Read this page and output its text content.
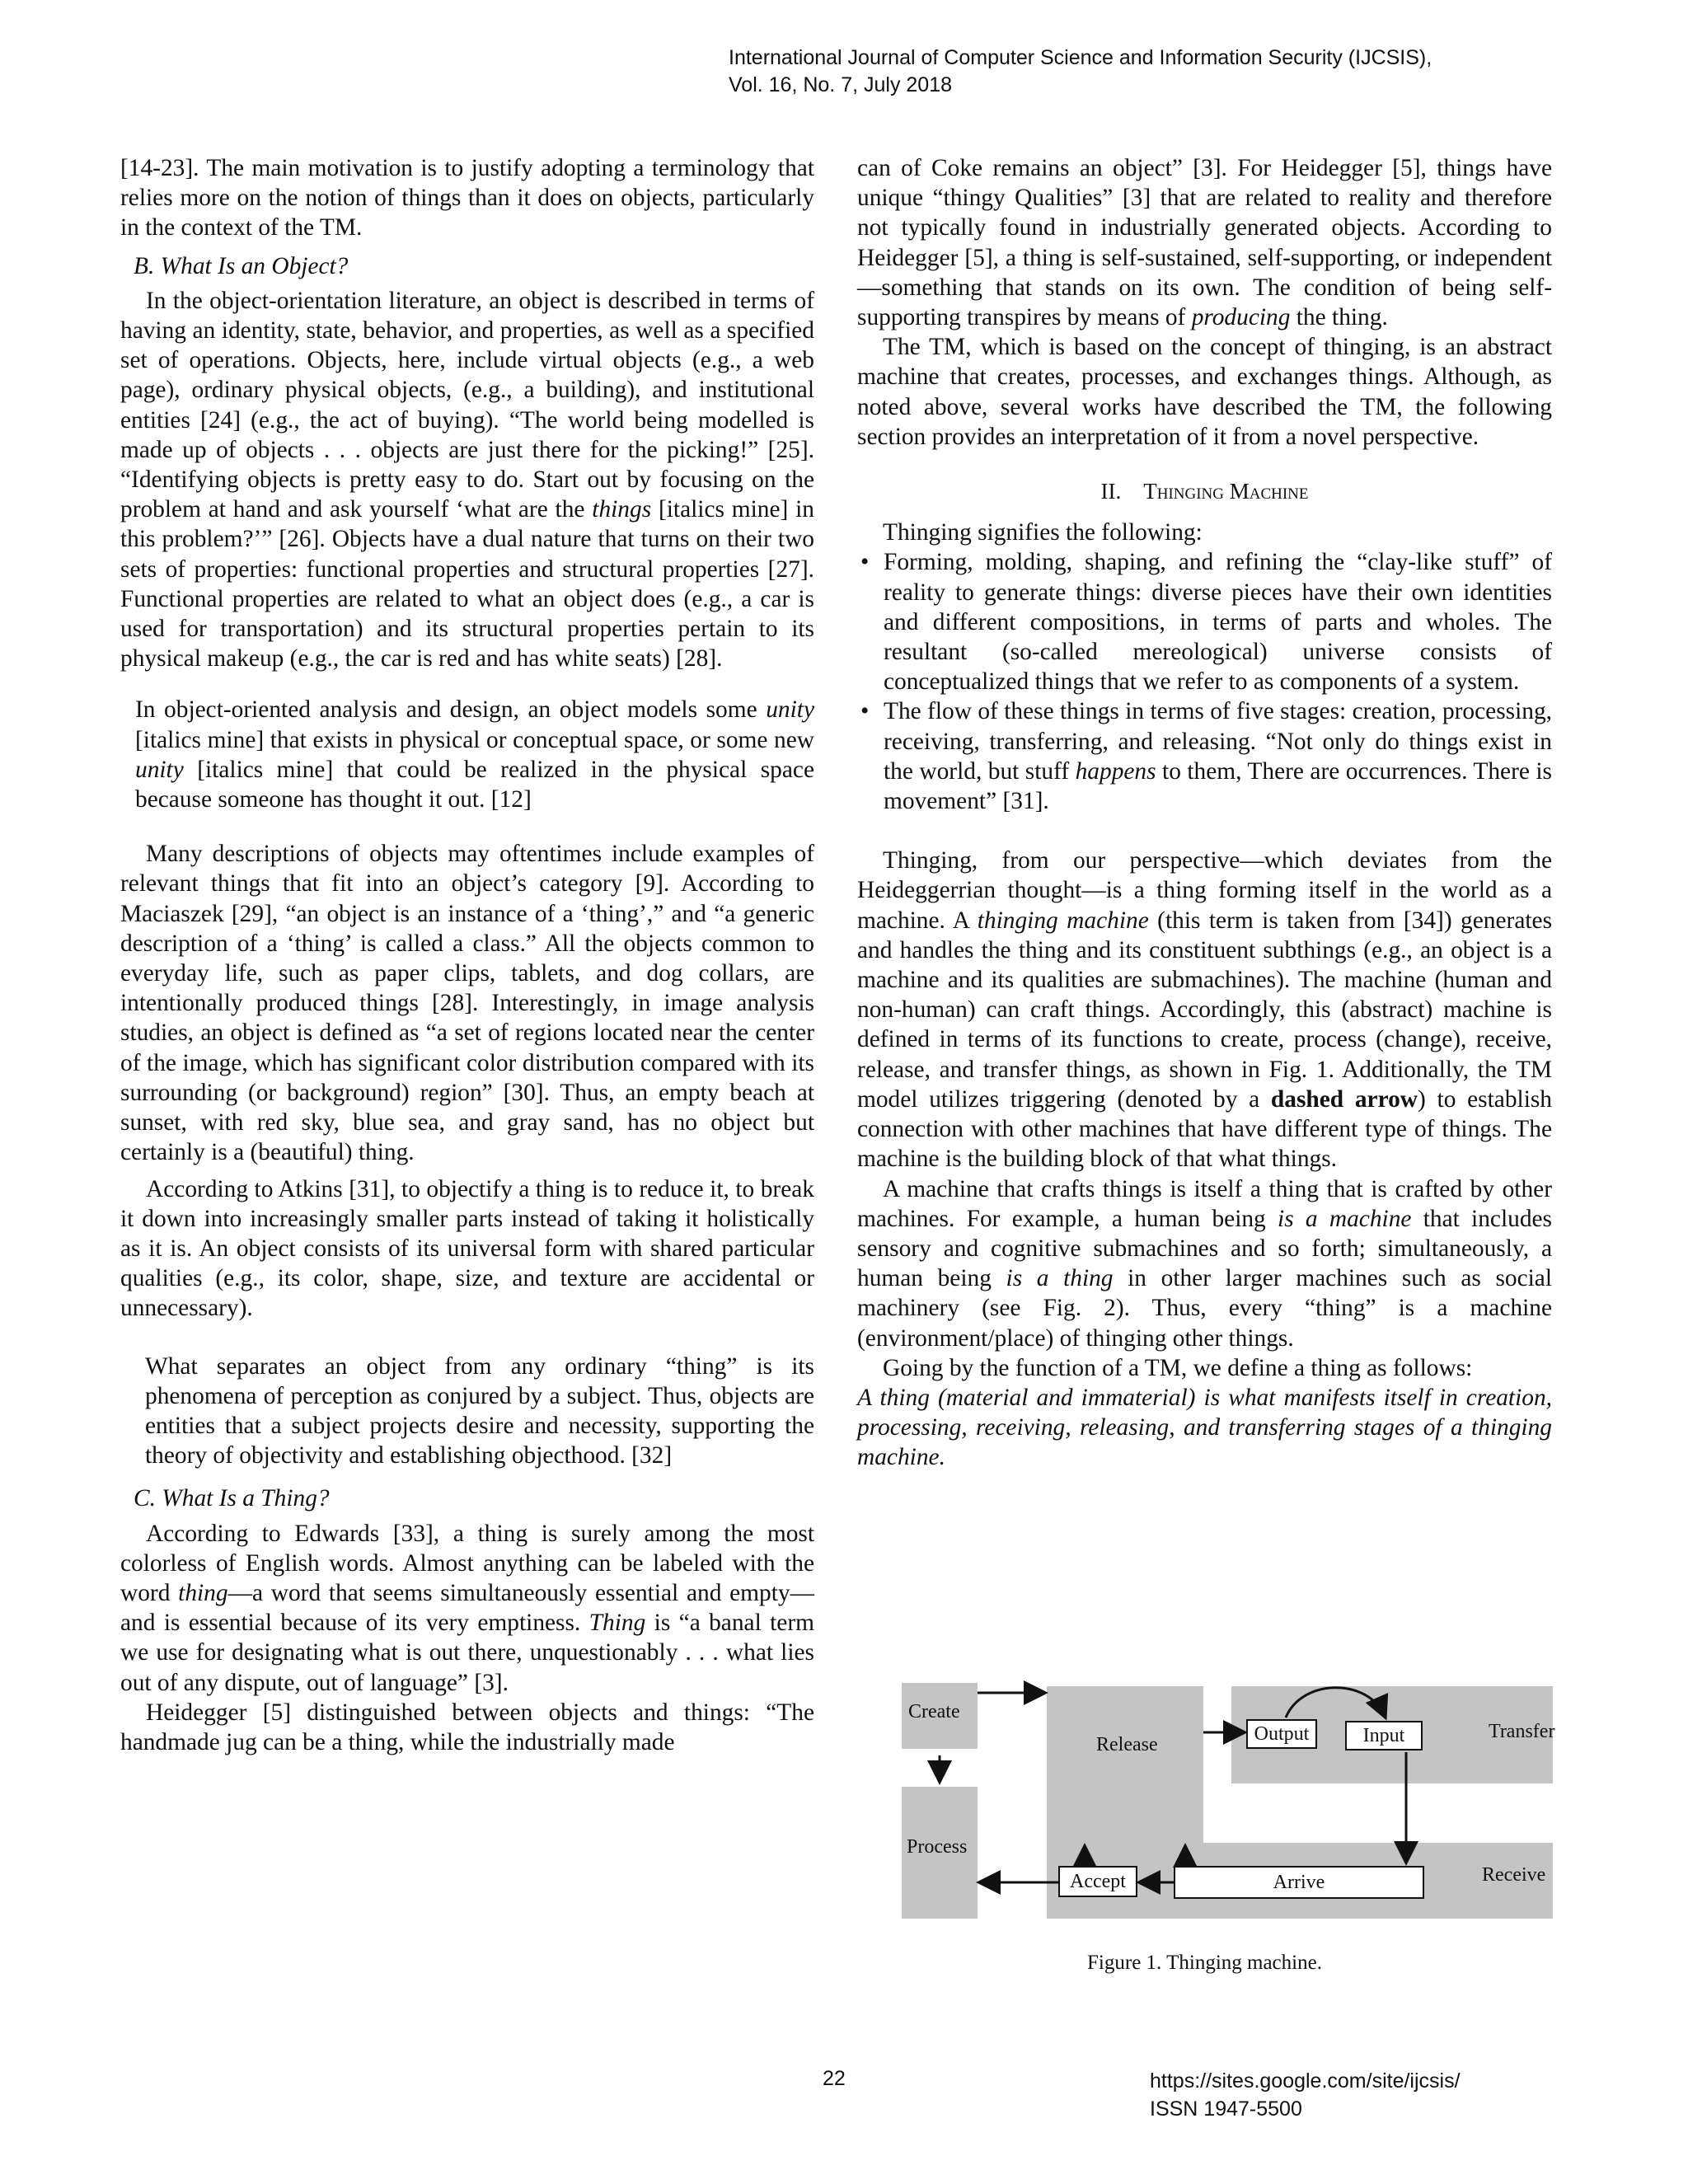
International Journal of Computer Science and Information Security (IJCSIS),
Vol. 16, No. 7, July 2018

[14-23]. The main motivation is to justify adopting a terminology that relies more on the notion of things than it does on objects, particularly in the context of the TM.

B. What Is an Object?

In the object-orientation literature, an object is described in terms of having an identity, state, behavior, and properties, as well as a specified set of operations. Objects, here, include virtual objects (e.g., a web page), ordinary physical objects, (e.g., a building), and institutional entities [24] (e.g., the act of buying). “The world being modelled is made up of objects . . . objects are just there for the picking!” [25]. “Identifying objects is pretty easy to do. Start out by focusing on the problem at hand and ask yourself ‘what are the things [italics mine] in this problem?’” [26]. Objects have a dual nature that turns on their two sets of properties: functional properties and structural properties [27]. Functional properties are related to what an object does (e.g., a car is used for transportation) and its structural properties pertain to its physical makeup (e.g., the car is red and has white seats) [28].

In object-oriented analysis and design, an object models some unity [italics mine] that exists in physical or conceptual space, or some new unity [italics mine] that could be realized in the physical space because someone has thought it out. [12]

Many descriptions of objects may oftentimes include examples of relevant things that fit into an object’s category [9]. According to Maciaszek [29], “an object is an instance of a ‘thing’,” and “a generic description of a ‘thing’ is called a class.” All the objects common to everyday life, such as paper clips, tablets, and dog collars, are intentionally produced things [28]. Interestingly, in image analysis studies, an object is defined as “a set of regions located near the center of the image, which has significant color distribution compared with its surrounding (or background) region” [30]. Thus, an empty beach at sunset, with red sky, blue sea, and gray sand, has no object but certainly is a (beautiful) thing.

According to Atkins [31], to objectify a thing is to reduce it, to break it down into increasingly smaller parts instead of taking it holistically as it is. An object consists of its universal form with shared particular qualities (e.g., its color, shape, size, and texture are accidental or unnecessary).

What separates an object from any ordinary “thing” is its phenomena of perception as conjured by a subject. Thus, objects are entities that a subject projects desire and necessity, supporting the theory of objectivity and establishing objecthood. [32]

C. What Is a Thing?

According to Edwards [33], a thing is surely among the most colorless of English words. Almost anything can be labeled with the word thing—a word that seems simultaneously essential and empty—and is essential because of its very emptiness. Thing is “a banal term we use for designating what is out there, unquestionably . . . what lies out of any dispute, out of language” [3].

Heidegger [5] distinguished between objects and things: “The handmade jug can be a thing, while the industrially made

can of Coke remains an object” [3]. For Heidegger [5], things have unique “thingy Qualities” [3] that are related to reality and therefore not typically found in industrially generated objects. According to Heidegger [5], a thing is self-sustained, self-supporting, or independent—something that stands on its own. The condition of being self-supporting transpires by means of producing the thing.

The TM, which is based on the concept of thinging, is an abstract machine that creates, processes, and exchanges things. Although, as noted above, several works have described the TM, the following section provides an interpretation of it from a novel perspective.

II. Thinging Machine

Thinging signifies the following:

• Forming, molding, shaping, and refining the “clay-like stuff” of reality to generate things: diverse pieces have their own identities and different compositions, in terms of parts and wholes. The resultant (so-called mereological) universe consists of conceptualized things that we refer to as components of a system.
• The flow of these things in terms of five stages: creation, processing, receiving, transferring, and releasing. “Not only do things exist in the world, but stuff happens to them, There are occurrences. There is movement” [31].

Thinging, from our perspective—which deviates from the Heideggerrian thought—is a thing forming itself in the world as a machine. A thinging machine (this term is taken from [34]) generates and handles the thing and its constituent subthings (e.g., an object is a machine and its qualities are submachines). The machine (human and non-human) can craft things. Accordingly, this (abstract) machine is defined in terms of its functions to create, process (change), receive, release, and transfer things, as shown in Fig. 1. Additionally, the TM model utilizes triggering (denoted by a dashed arrow) to establish connection with other machines that have different type of things. The machine is the building block of that what things.

A machine that crafts things is itself a thing that is crafted by other machines. For example, a human being is a machine that includes sensory and cognitive submachines and so forth; simultaneously, a human being is a thing in other larger machines such as social machinery (see Fig. 2). Thus, every “thing” is a machine (environment/place) of thinging other things.

Going by the function of a TM, we define a thing as follows:

A thing (material and immaterial) is what manifests itself in creation, processing, receiving, releasing, and transferring stages of a thinging machine.

Create
Process
Release
Transfer
Receive
Output	Input
Accept	Arrive
Figure 1. Thinging machine.
22	https://sites.google.com/site/ijcsis/
ISSN 1947-5500
